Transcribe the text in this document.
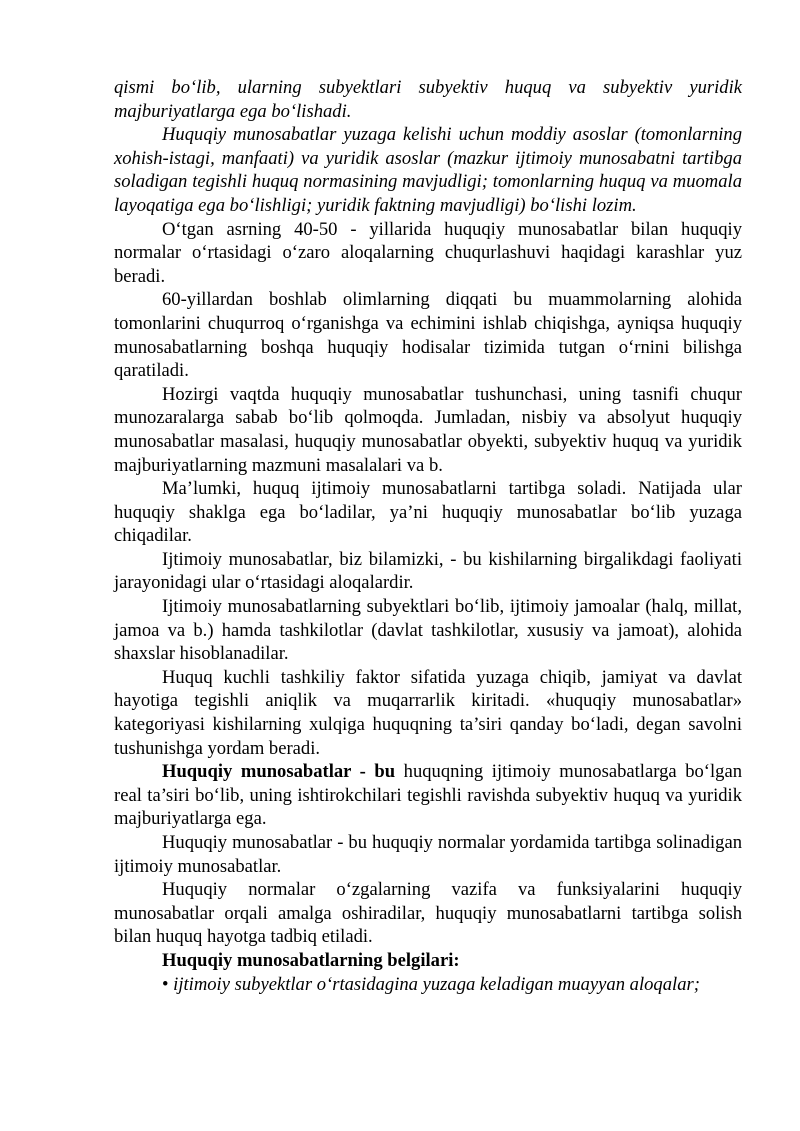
qismi bo‘lib, ularning subyektlari subyektiv huquq va subyektiv yuridik majburiyatlarga ega bo‘lishadi.

Huquqiy munosabatlar yuzaga kelishi uchun moddiy asoslar (tomonlarning xohish-istagi, manfaati) va yuridik asoslar (mazkur ijtimoiy munosabatni tartibga soladigan tegishli huquq normasining mavjudligi; tomonlarning huquq va muomala layoqatiga ega bo‘lishligi; yuridik faktning mavjudligi) bo‘lishi lozim.

O‘tgan asrning 40-50 - yillarida huquqiy munosabatlar bilan huquqiy normalar o‘rtasidagi o‘zaro aloqalarning chuqurlashuvi haqidagi karashlar yuz beradi.

60-yillardan boshlab olimlarning diqqati bu muammolarning alohida tomonlarini chuqurroq o‘rganishga va echimini ishlab chiqishga, ayniqsa huquqiy munosabatlarning boshqa huquqiy hodisalar tizimida tutgan o‘rnini bilishga qaratiladi.

Hozirgi vaqtda huquqiy munosabatlar tushunchasi, uning tasnifi chuqur munozaralarga sabab bo‘lib qolmoqda. Jumladan, nisbiy va absolyut huquqiy munosabatlar masalasi, huquqiy munosabatlar obyekti, subyektiv huquq va yuridik majburiyatlarning mazmuni masalalari va b.

Ma’lumki, huquq ijtimoiy munosabatlarni tartibga soladi. Natijada ular huquqiy shaklga ega bo‘ladilar, ya’ni huquqiy munosabatlar bo‘lib yuzaga chiqadilar.

Ijtimoiy munosabatlar, biz bilamizki, - bu kishilarning birgalikdagi faoliyati jarayonidagi ular o‘rtasidagi aloqalardir.

Ijtimoiy munosabatlarning subyektlari bo‘lib, ijtimoiy jamoalar (halq, millat, jamoa va b.) hamda tashkilotlar (davlat tashkilotlar, xususiy va jamoat), alohida shaxslar hisoblanadilar.

Huquq kuchli tashkiliy faktor sifatida yuzaga chiqib, jamiyat va davlat hayotiga tegishli aniqlik va muqarrarlik kiritadi. «huquqiy munosabatlar» kategoriyasi kishilarning xulqiga huquqning ta’siri qanday bo‘ladi, degan savolni tushunishga yordam beradi.

Huquqiy munosabatlar - bu huquqning ijtimoiy munosabatlarga bo‘lgan real ta’siri bo‘lib, uning ishtirokchilari tegishli ravishda subyektiv huquq va yuridik majburiyatlarga ega.

Huquqiy munosabatlar - bu huquqiy normalar yordamida tartibga solinadigan ijtimoiy munosabatlar.

Huquqiy normalar o‘zgalarning vazifa va funksiyalarini huquqiy munosabatlar orqali amalga oshiradilar, huquqiy munosabatlarni tartibga solish bilan huquq hayotga tadbiq etiladi.

Huquqiy munosabatlarning belgilari:

• ijtimoiy subyektlar o‘rtasidagina yuzaga keladigan muayyan aloqalar;
